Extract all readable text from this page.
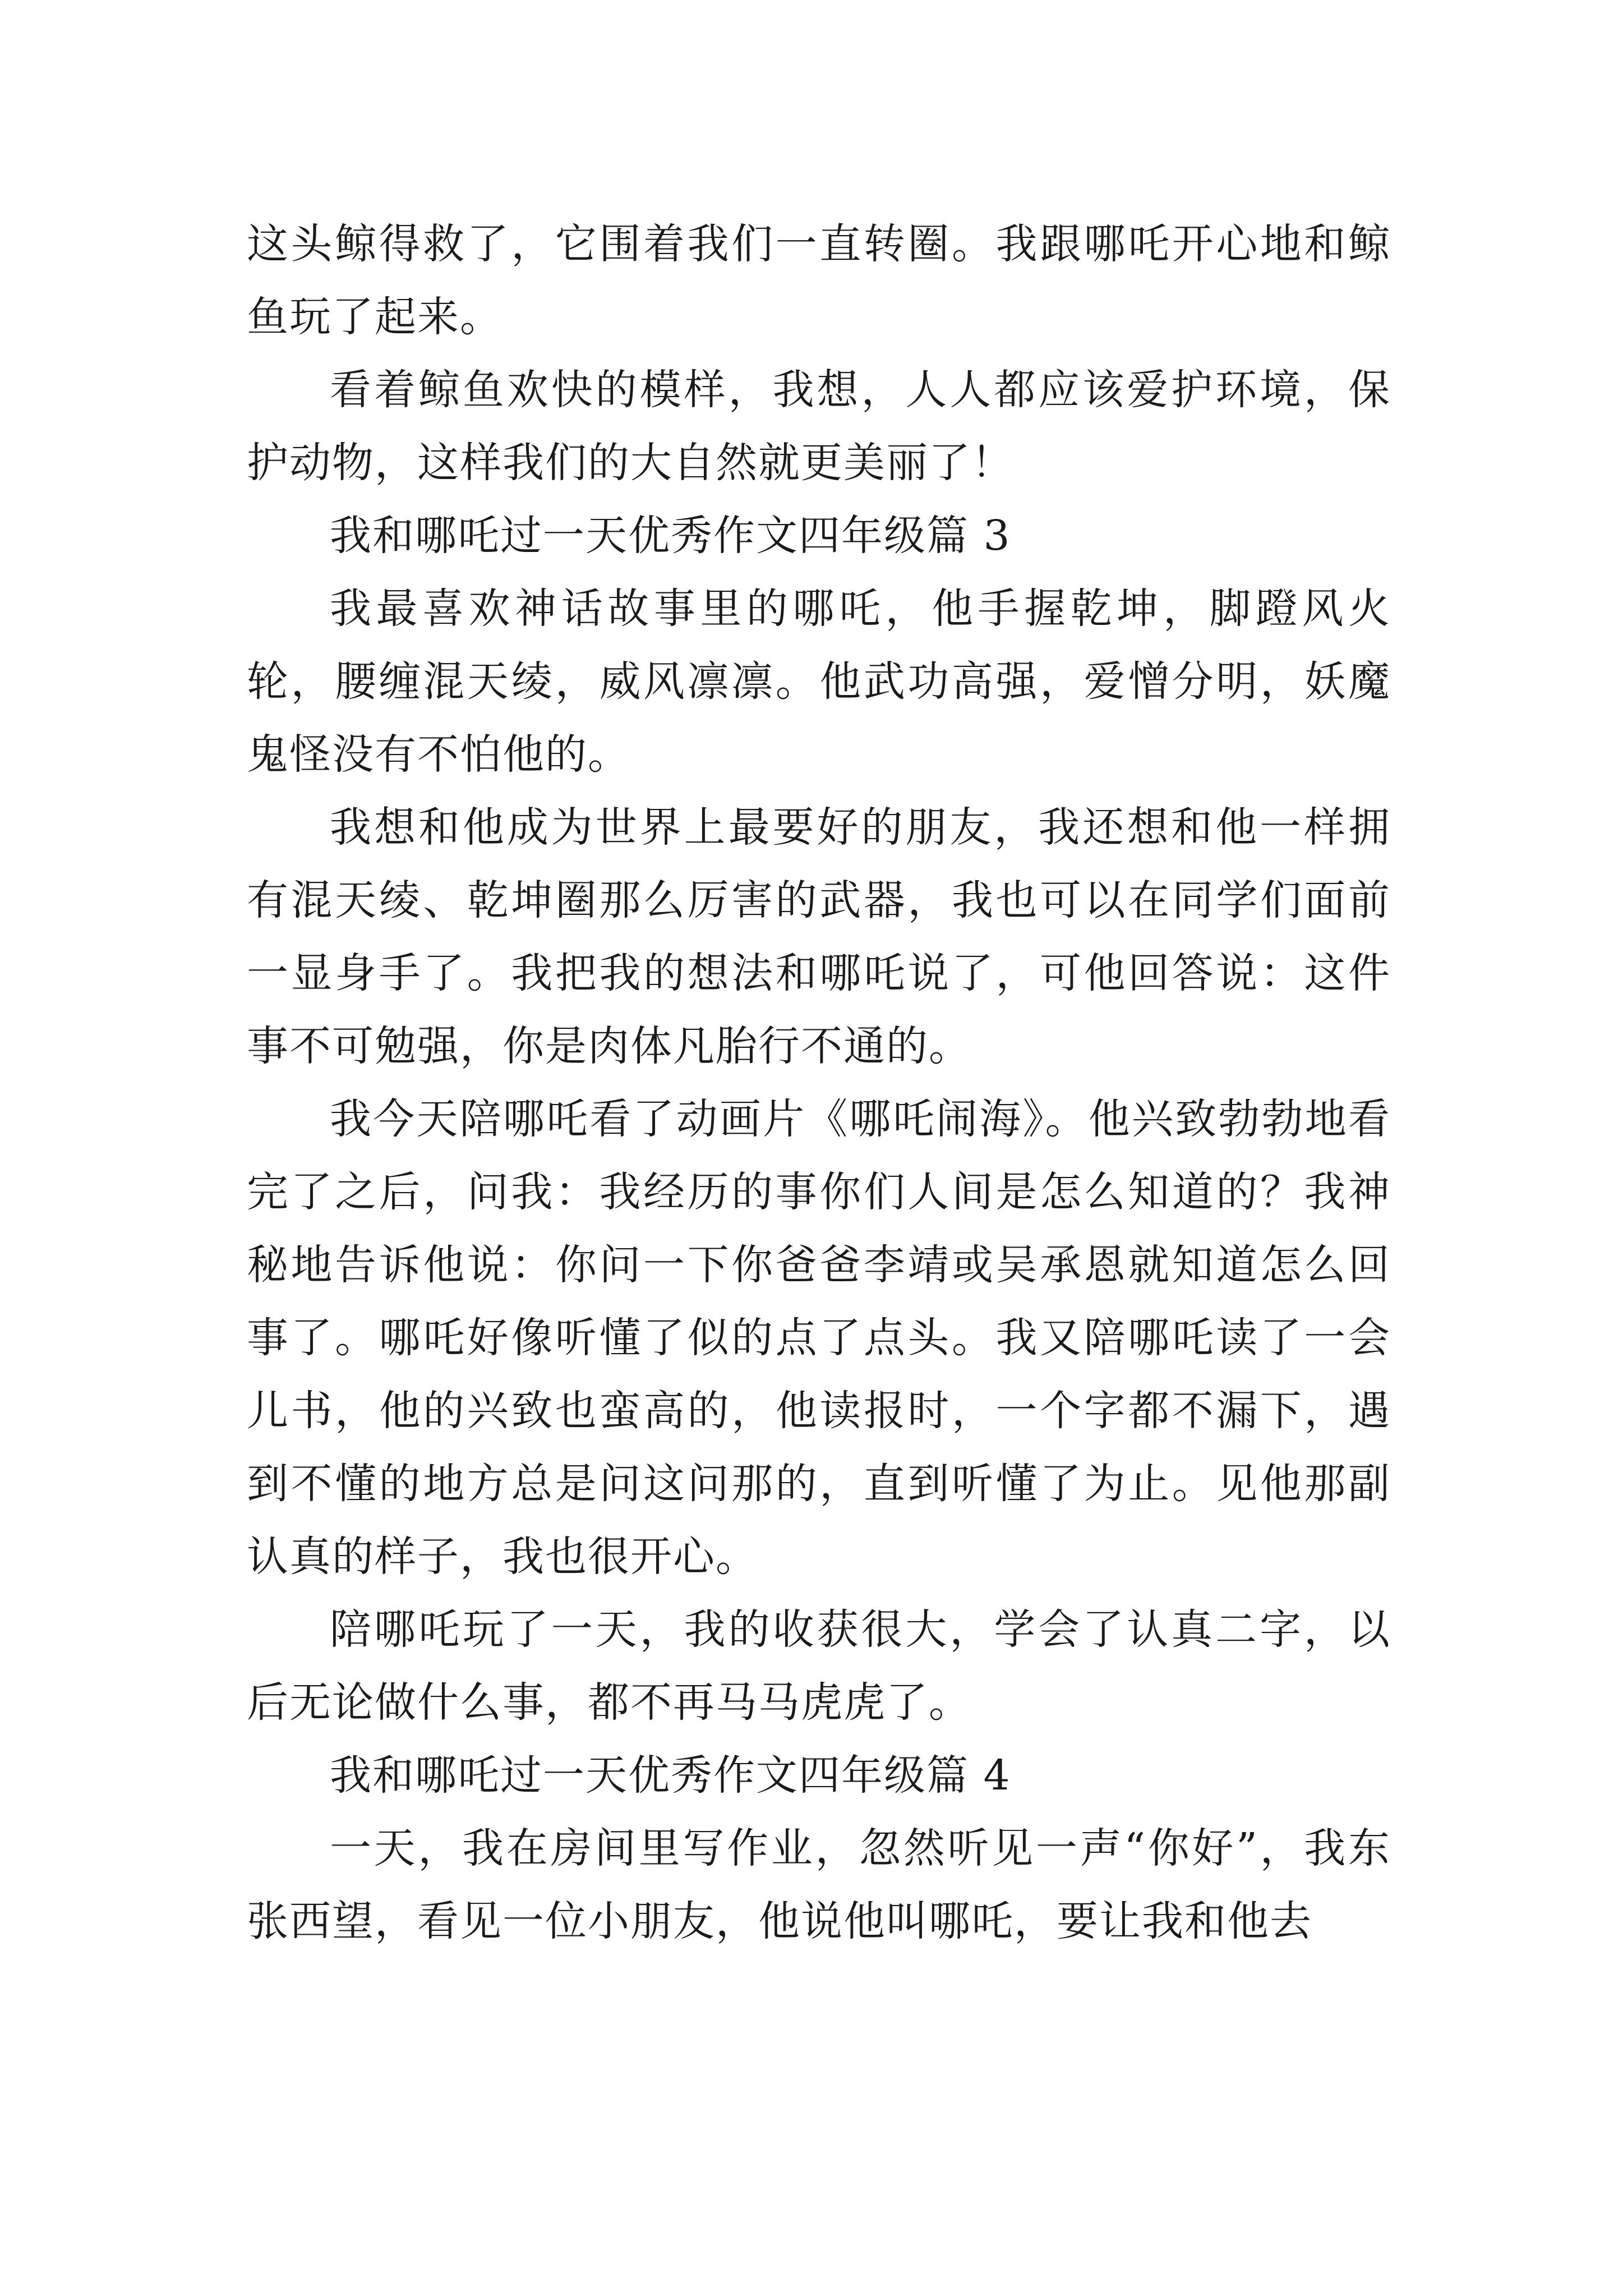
这头鲸得救了，它围着我们一直转圈。我跟哪吒开心地和鲸鱼玩了起来。

看着鲸鱼欢快的模样，我想，人人都应该爱护环境，保护动物，这样我们的大自然就更美丽了！

我和哪吒过一天优秀作文四年级篇 3

我最喜欢神话故事里的哪吒，他手握乾坤，脚蹬风火轮，腰缠混天绫，威风凛凛。他武功高强，爱憎分明，妖魔鬼怪没有不怕他的。

我想和他成为世界上最要好的朋友，我还想和他一样拥有混天绫、乾坤圈那么厉害的武器，我也可以在同学们面前一显身手了。我把我的想法和哪吒说了，可他回答说：这件事不可勉强，你是肉体凡胎行不通的。

我今天陪哪吒看了动画片《哪吒闹海》。他兴致勃勃地看完了之后，问我：我经历的事你们人间是怎么知道的？我神秘地告诉他说：你问一下你爸爸李靖或吴承恩就知道怎么回事了。哪吒好像听懂了似的点了点头。我又陪哪吒读了一会儿书，他的兴致也蛮高的，他读报时，一个字都不漏下，遇到不懂的地方总是问这问那的，直到听懂了为止。见他那副认真的样子，我也很开心。

陪哪吒玩了一天，我的收获很大，学会了认真二字，以后无论做什么事，都不再马马虎虎了。

我和哪吒过一天优秀作文四年级篇 4

一天，我在房间里写作业，忽然听见一声“你好”，我东张西望，看见一位小朋友，他说他叫哪吒，要让我和他去
